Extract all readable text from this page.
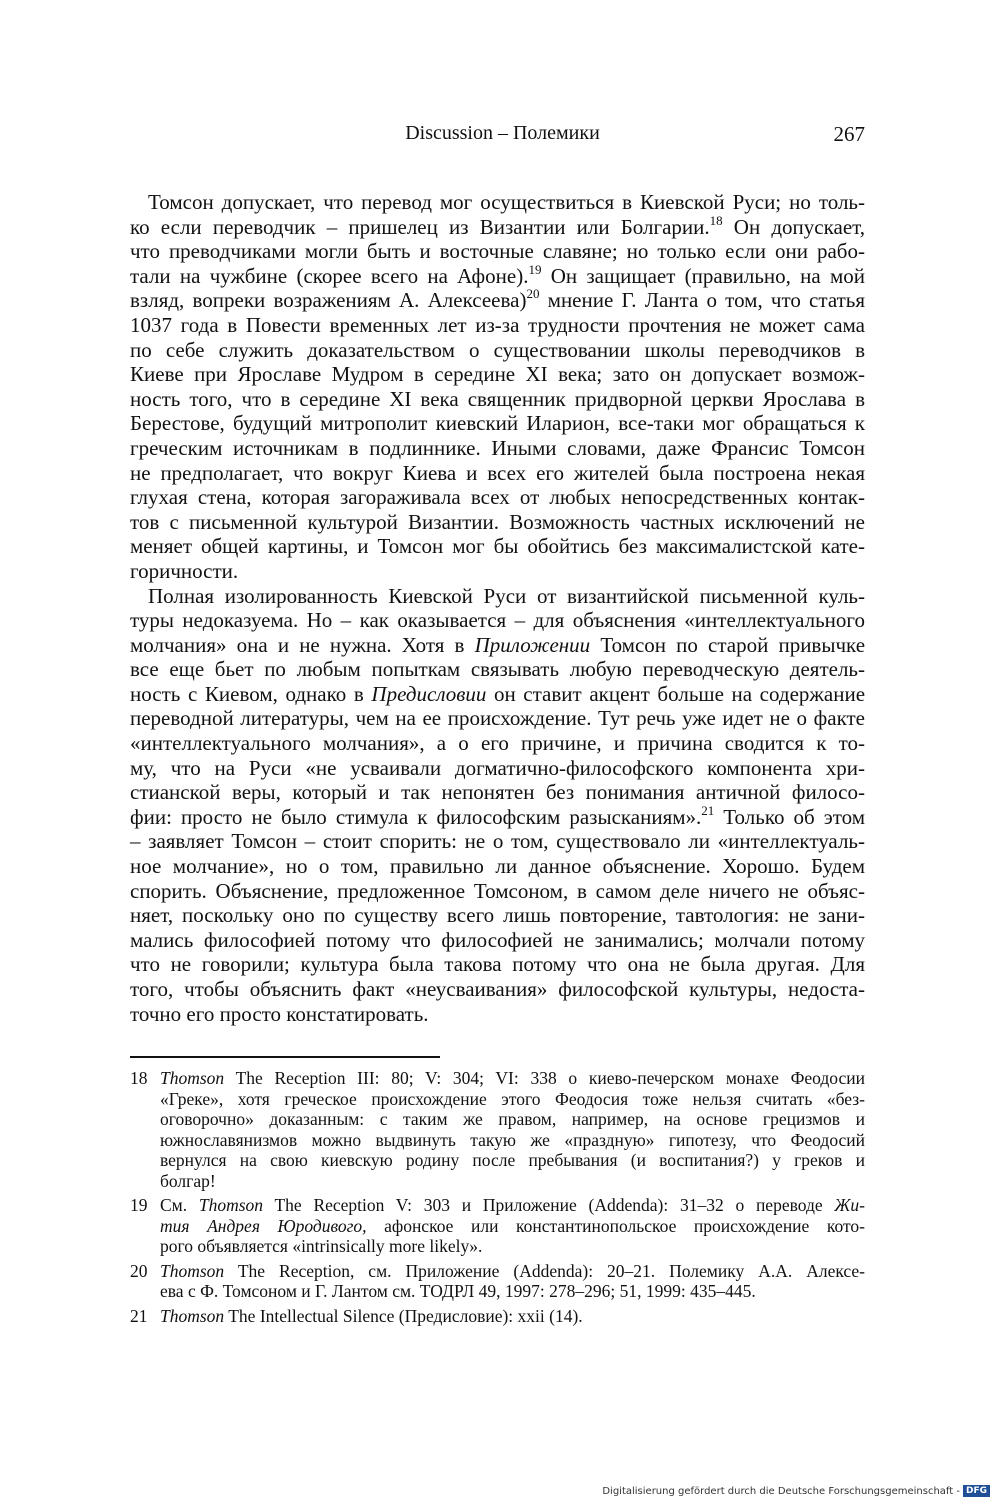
Discussion – Полемики	267
Томсон допускает, что перевод мог осуществиться в Киевской Руси; но толь-
ко если переводчик – пришелец из Византии или Болгарии.$^{18}$ Он допускает,
что преводчиками могли быть и восточные славяне; но только если они рабо-
тали на чужбине (скорее всего на Афоне).$^{19}$ Он защищает (правильно, на мой
взляд, вопреки возражениям А. Алексеева)$^{20}$ мнение Г. Ланта о том, что статья
1037 года в Повести временных лет из-за трудности прочтения не может сама
по себе служить доказательством о существовании школы переводчиков в
Киеве при Ярославе Мудром в середине XI века; зато он допускает возмож-
ность того, что в середине XI века священник придворной церкви Ярослава в
Берестове, будущий митрополит киевский Иларион, все-таки мог обращаться к
греческим источникам в подлиннике. Иными словами, даже Франсис Томсон
не предполагает, что вокруг Киева и всех его жителей была построена некая
глухая стена, которая загораживала всех от любых непосредственных контак-
тов с письменной культурой Византии. Возможность частных исключений не
меняет общей картины, и Томсон мог бы обойтись без максималистской кате-
горичности.
Полная изолированность Киевской Руси от византийской письменной куль-
туры недоказуема. Но – как оказывается – для объяснения «интеллектуального
молчания» она и не нужна. Хотя в Приложении Томсон по старой привычке
все еще бьет по любым попыткам связывать любую переводческую деятель-
ность с Киевом, однако в Предисловии он ставит акцент больше на содержание
переводной литературы, чем на ее происхождение. Тут речь уже идет не о факте
«интеллектуального молчания», а о его причине, и причина сводится к то-
му, что на Руси «не усваивали догматично-философского компонента хри-
стианской веры, который и так непонятен без понимания античной филосо-
фии: просто не было стимула к философским разысканиям».$^{21}$ Только об этом
– заявляет Томсон – стоит спорить: не о том, существовало ли «интеллектуаль-
ное молчание», но о том, правильно ли данное объяснение. Хорошо. Будем
спорить. Объяснение, предложенное Томсоном, в самом деле ничего не объяс-
няет, поскольку оно по существу всего лишь повторение, тавтология: не зани-
мались философией потому что философией не занимались; молчали потому
что не говорили; культура была такова потому что она не была другая. Для
того, чтобы объяснить факт «неусваивания» философской культуры, недоста-
точно его просто констатировать.
18 Thomson The Reception III: 80; V: 304; VI: 338 о киево-печерском монахе Феодосии
«Греке», хотя греческое происхождение этого Феодосия тоже нельзя считать «без-
оговорочно» доказанным: с таким же правом, например, на основе грецизмов и
южнославянизмов можно выдвинуть такую же «праздную» гипотезу, что Феодосий
вернулся на свою киевскую родину после пребывания (и воспитания?) у греков и
болгар!
19 См. Thomson The Reception V: 303 и Приложение (Addenda): 31–32 о переводе Жи-
тия Андрея Юродивого, афонское или константинопольское происхождение кото-
рого объявляется «intrinsically more likely».
20 Thomson The Reception, см. Приложение (Addenda): 20–21. Полемику А.А. Алексе-
ева с Ф. Томсоном и Г. Лантом см. ТОДРЛ 49, 1997: 278–296; 51, 1999: 435–445.
21 Thomson The Intellectual Silence (Предисловие): xxii (14).
Digitalisierung gefördert durch die Deutsche Forschungsgemeinschaft - DFG
